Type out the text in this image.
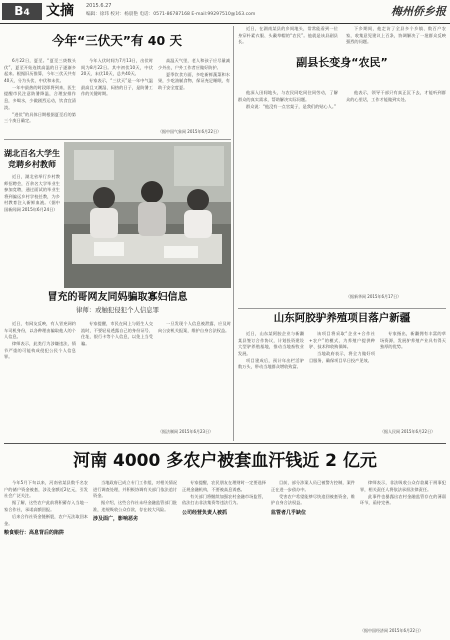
B4	文摘 2015.6.27
编辑：徐玮 校对：杨晨艳 电话：0571-86787168 E-mail:99297510@163.com	梅州侨乡报
今年“三伏天”有 40 天

6月22日，夏至。“夏至三庚数头伏”，夏至开始连续高温的日子逐渐多起来。根据旧历推算，今年三伏天共有40天，分为头伏、中伏和末伏。

一年中最热的时段即将到来，医生提醒市民注意防暑降温，合理安排作息，多喝水，少做剧烈运动，饮食宜清淡。

“进伏”的具体日期根据夏至后的第三个庚日确定。

今年入伏时间为7月13日，出伏时间为8月22日。其中初伏10天，中伏20天，末伏10天，总共40天。

专家表示，“三伏天”是一年中气温最高且又潮湿、闷热的日子，是防暑工作的关键时期。

高温天气里，老人和孩子应尽量减少外出，户外工作者应做好防护。

夏季饮食方面，多吃新鲜蔬菜和水果，少吃油腻食物，保证充足睡眠，有助于安全度夏。

（据中国气象网 2015年6月22日）
湖北百名大学生竞聘乡村教师
近日，湖北省举行乡村教师招聘会，百余名大学毕业生参加竞聘，通过面试的毕业生将到偏远乡村学校任教，为乡村教育注入新鲜血液。（据中国新闻网 2015年6月24日）
冒充的哥网友同妈骗取寡妇信息
律师：或触犯侵犯个人信息罪

近日，有网友反映，有人冒充网约车司机身份，以各种理由骗取他人的个人信息。

律师表示，此类行为涉嫌违法，情节严重的可能构成侵犯公民个人信息罪。

专家提醒，市民在网上与陌生人交流时，不要轻易透露自己的身份证号、住址、银行卡等个人信息，以免上当受骗。

一旦发现个人信息被泄露，应及时向公安机关报案，维护自身合法权益。

（据法制网 2015年6月23日）
副县长变身“农民”

近日，在湖南某县的乡间地头，常常能看到一位身穿朴素衣服、头戴草帽的“农民”。他就是该县副县长。

他深入田间地头，与农民同吃同住同劳动，了解群众的真实需求，帮助解决实际问题。

群众说：“他没有一点官架子，是我们的贴心人。”

下乡期间，他走访了全县多个乡镇、数百户农家，收集意见建议上百条，协调解决了一批群众反映强烈的问题。

他表示，领导干部只有真正沉下去，才能听到群众的心里话，工作才能做到实处。

（据新华网 2015年6月17日）
山东阿胶驴养殖项目落户新疆

近日，山东某阿胶企业与新疆某县签订合作协议，计划投资建设大型驴养殖基地，推动当地畜牧业发展。

项目建成后，预计年出栏活驴数万头，带动当地群众增收致富。

该项目将采取“企业+合作社+农户”的模式，为养殖户提供种驴、技术和收购保障。

当地政府表示，将全力做好项目服务，确保项目早日投产见效。

专家指出，新疆拥有丰富的草场资源，发展驴养殖产业具有得天独厚的优势。

（据人民网 2015年6月22日）
河南 4000 多农户被套血汗钱近 2 亿元

今年5月下旬以来，河南省某县数千名农户的储户资金被套，涉及金额近2亿元，引发社会广泛关注。

据了解，这些农户此前将积蓄存入当地一家合作社，承诺高额回报。

后来合作社资金链断裂，农户无法取回本金。

粮食银行：高息背后的陷阱

当地政府已成立专门工作组，对相关情况进行调查处理，并积极协调有关部门依法追讨资金。

据介绍，这些合作社未经金融监管部门批准，违规吸收公众存款，存在较大风险。

涉及面广，影响恶劣

专家提醒，农民朋友在理财时一定要选择正规金融机构，不要被高息诱惑。

有关部门将继续加强农村金融市场监管，依法打击非法集资等违法行为。

公司经营负责人被抓

目前，部分涉案人员已被警方控制，案件正在进一步侦办中。

受害农户希望能够尽快追回被套资金，维护自身合法权益。

监管者几乎缺位

律师表示，非法吸收公众存款属于刑事犯罪，相关责任人将依法承担法律责任。

此事件也暴露出农村金融监管存在的薄弱环节，亟待完善。

（据中国经济网 2015年6月22日）
